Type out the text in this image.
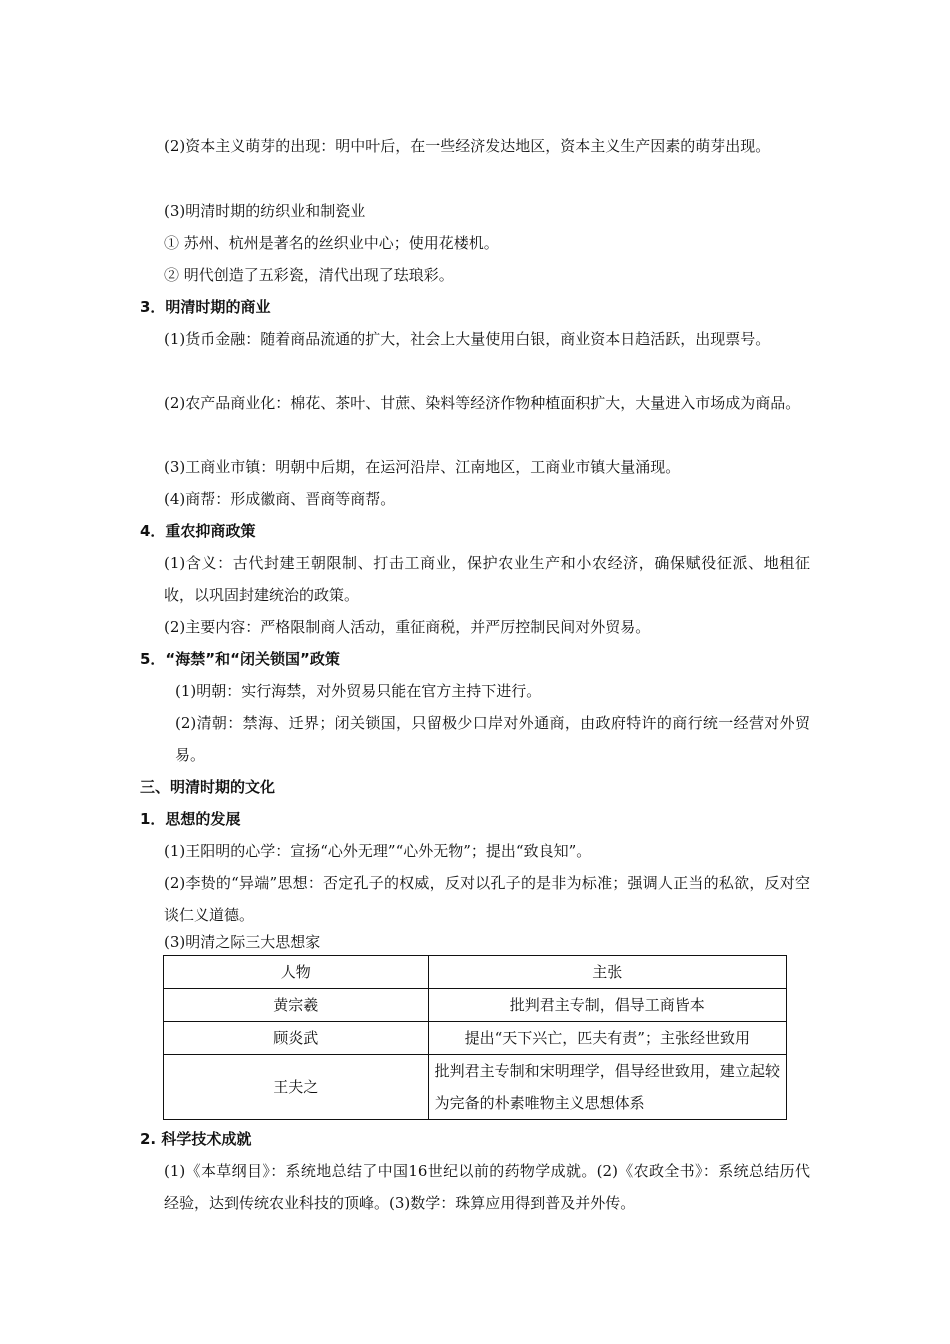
(2)资本主义萌芽的出现：明中叶后，在一些经济发达地区，资本主义生产因素的萌芽出现。
(3)明清时期的纺织业和制瓷业
① 苏州、杭州是著名的丝织业中心；使用花楼机。
② 明代创造了五彩瓷，清代出现了珐琅彩。
3．明清时期的商业
(1)货币金融：随着商品流通的扩大，社会上大量使用白银，商业资本日趋活跃，出现票号。
(2)农产品商业化：棉花、茶叶、甘蔗、染料等经济作物种植面积扩大，大量进入市场成为商品。
(3)工商业市镇：明朝中后期，在运河沿岸、江南地区，工商业市镇大量涌现。
(4)商帮：形成徽商、晋商等商帮。
4．重农抑商政策
(1)含义：古代封建王朝限制、打击工商业，保护农业生产和小农经济，确保赋役征派、地租征收，以巩固封建统治的政策。
(2)主要内容：严格限制商人活动，重征商税，并严厉控制民间对外贸易。
5．“海禁”和“闭关锁国”政策
(1)明朝：实行海禁，对外贸易只能在官方主持下进行。
(2)清朝：禁海、迁界；闭关锁国，只留极少口岸对外通商，由政府特许的商行统一经营对外贸易。
三、明清时期的文化
1．思想的发展
(1)王阳明的心学：宣扬“心外无理”“心外无物”；提出“致良知”。
(2)李贽的“异端”思想：否定孔子的权威，反对以孔子的是非为标准；强调人正当的私欲，反对空谈仁义道德。
(3)明清之际三大思想家
人物	主张
黄宗羲	批判君主专制，倡导工商皆本
顾炎武	提出“天下兴亡，匹夫有责”；主张经世致用
王夫之	批判君主专制和宋明理学，倡导经世致用，建立起较为完备的朴素唯物主义思想体系
2. 科学技术成就
(1)《本草纲目》：系统地总结了中国16世纪以前的药物学成就。(2)《农政全书》：系统总结历代经验，达到传统农业科技的顶峰。(3)数学：珠算应用得到普及并外传。
